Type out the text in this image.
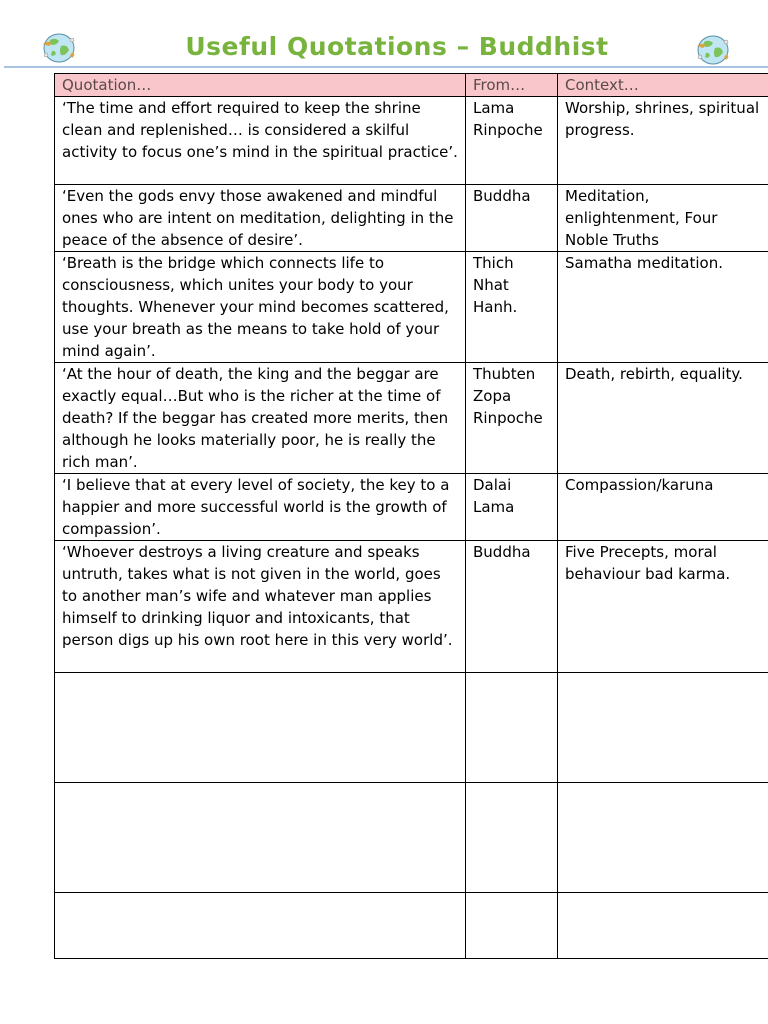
Useful Quotations – Buddhist
Quotation…	From…	Context…
‘The time and effort required to keep the shrine clean and replenished… is considered a skilful activity to focus one’s mind in the spiritual practice’.	Lama Rinpoche	Worship, shrines, spiritual progress.
‘Even the gods envy those awakened and mindful ones who are intent on meditation, delighting in the peace of the absence of desire’.	Buddha	Meditation, enlightenment, Four Noble Truths
‘Breath is the bridge which connects life to consciousness, which unites your body to your thoughts. Whenever your mind becomes scattered, use your breath as the means to take hold of your mind again’.	Thich Nhat Hanh.	Samatha meditation.
‘At the hour of death, the king and the beggar are exactly equal…But who is the richer at the time of death? If the beggar has created more merits, then although he looks materially poor, he is really the rich man’.	Thubten Zopa Rinpoche	Death, rebirth, equality.
‘I believe that at every level of society, the key to a happier and more successful world is the growth of compassion’.	Dalai Lama	Compassion/karuna
‘Whoever destroys a living creature and speaks untruth, takes what is not given in the world, goes to another man’s wife and whatever man applies himself to drinking liquor and intoxicants, that person digs up his own root here in this very world’.	Buddha	Five Precepts, moral behaviour bad karma.
